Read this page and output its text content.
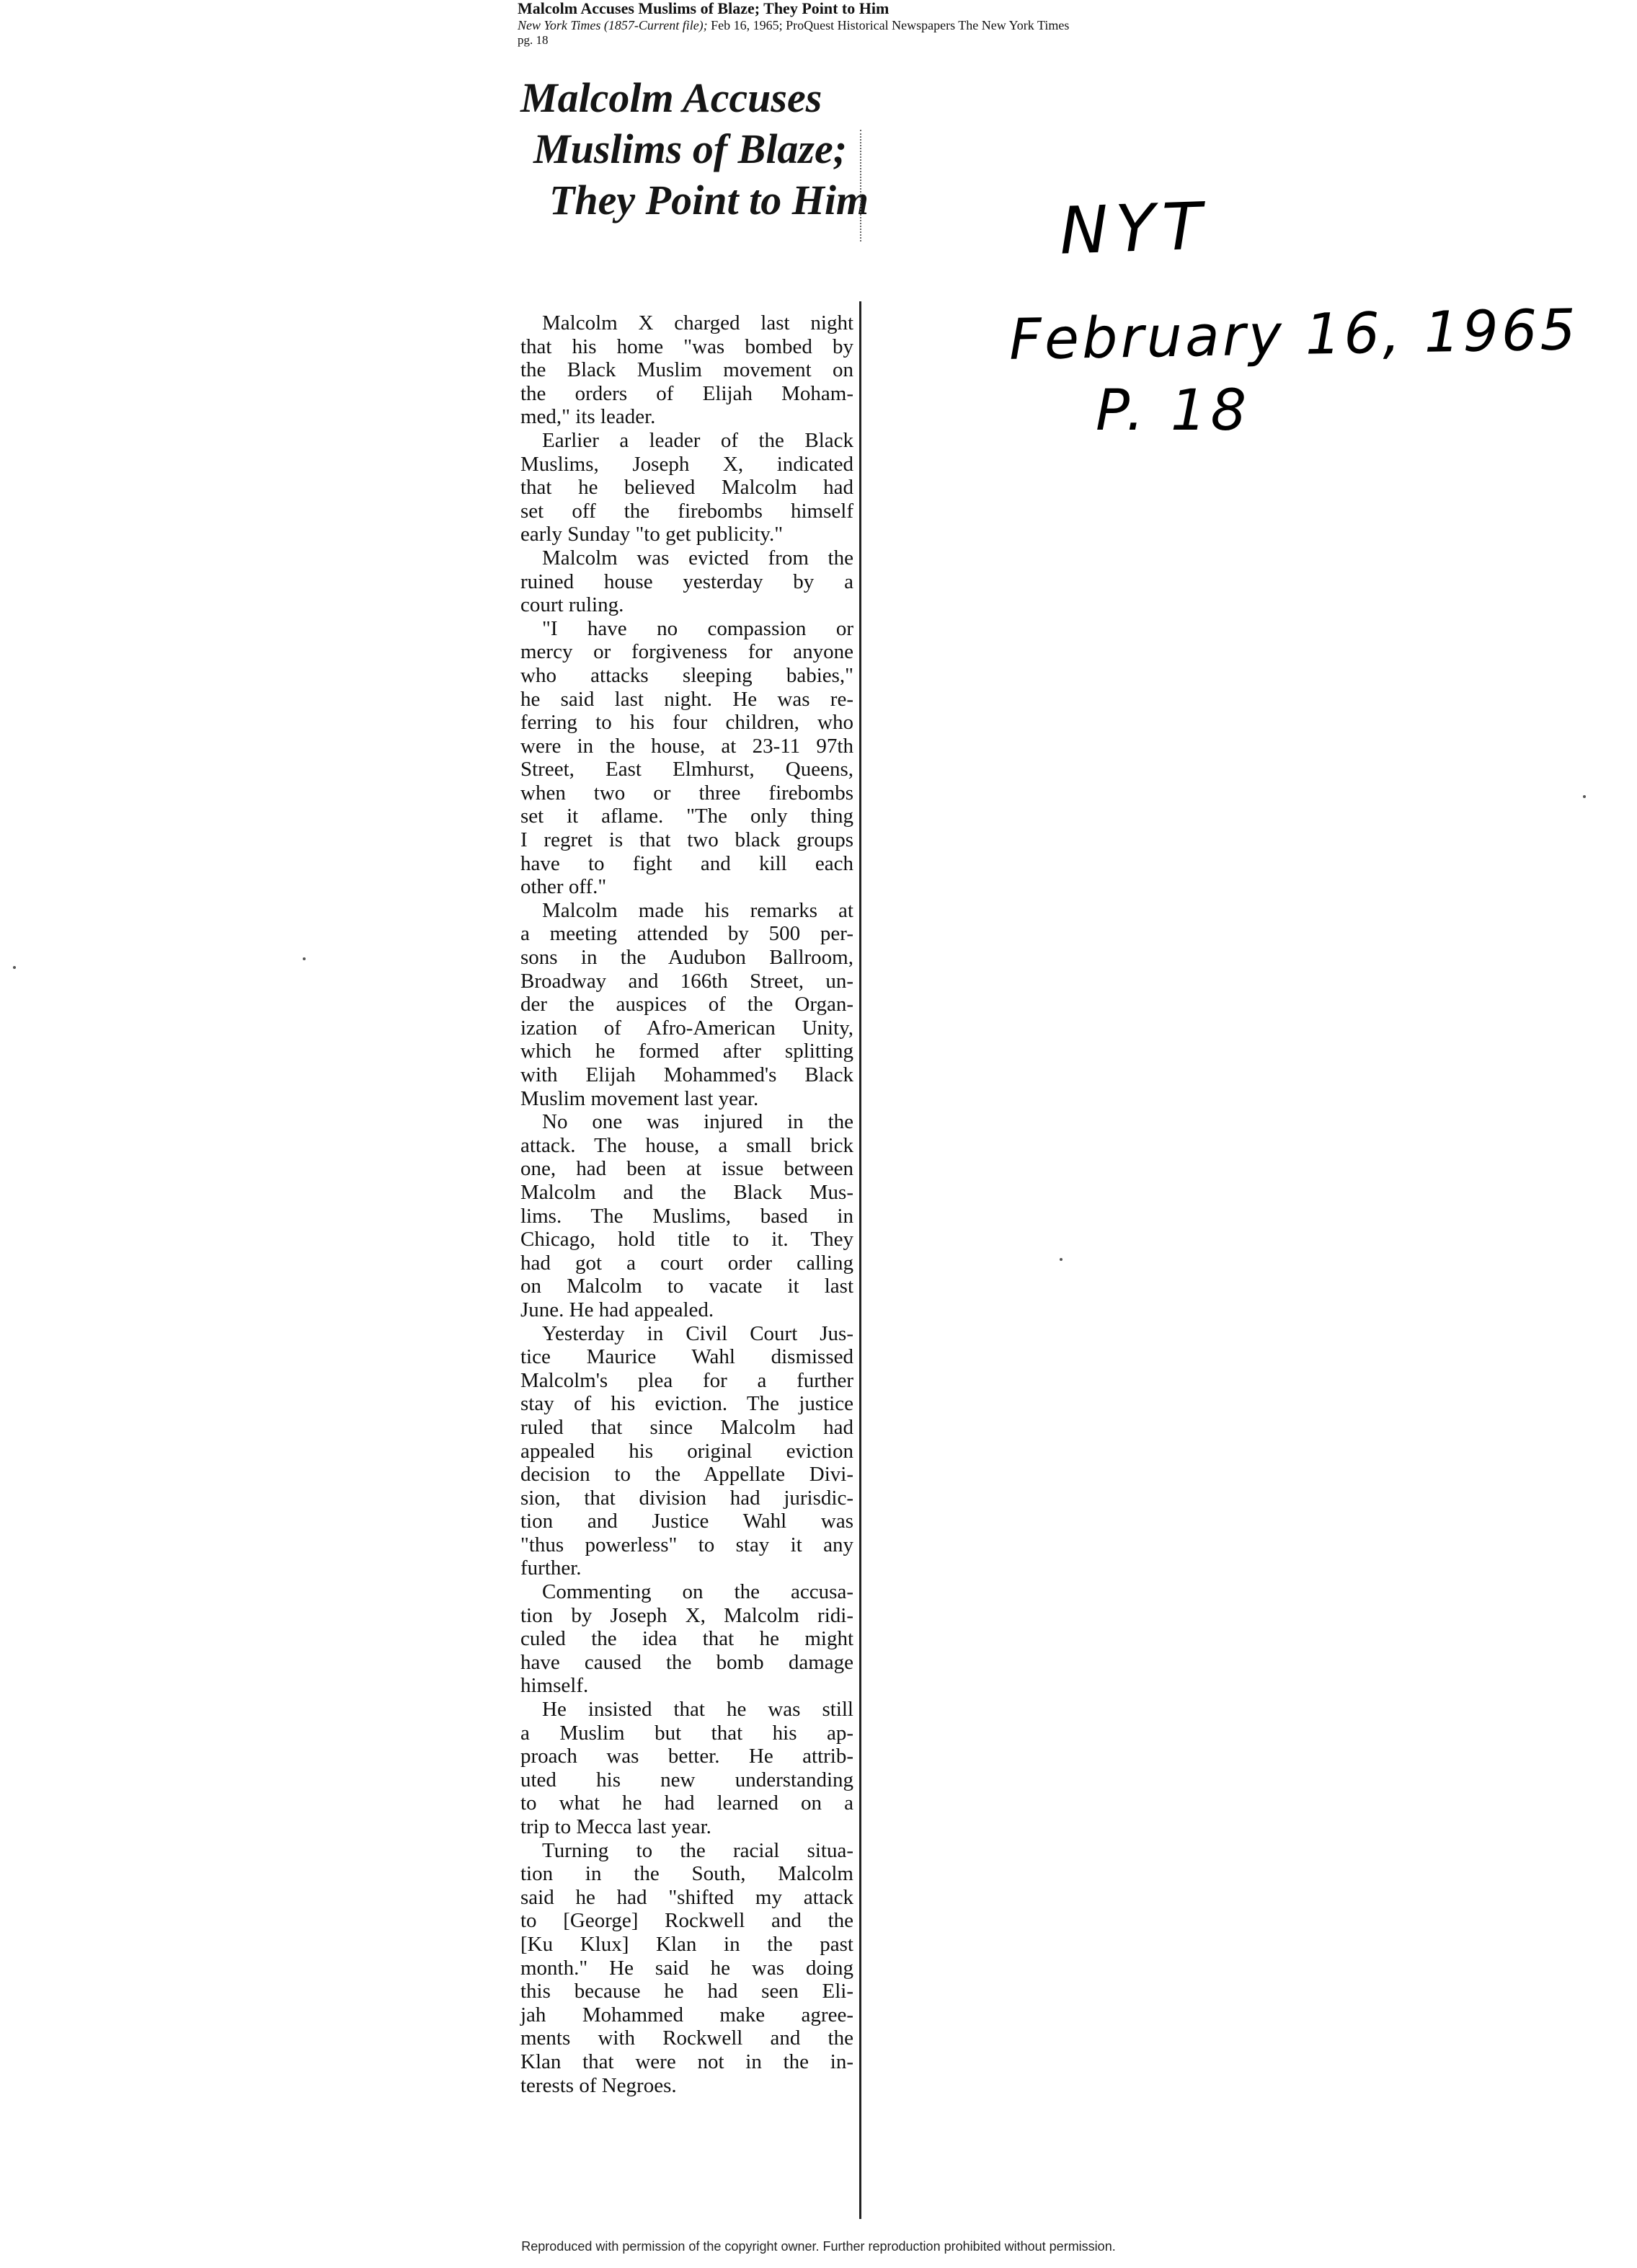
Malcolm Accuses Muslims of Blaze; They Point to Him

New York Times (1857-Current file); Feb 16, 1965; ProQuest Historical Newspapers The New York Times

pg. 18

Malcolm Accuses
Muslims of Blaze;
They Point to Him

Malcolm X charged last night
that his home "was bombed by
the Black Muslim movement on
the orders of Elijah Moham-
med," its leader.

Earlier a leader of the Black
Muslims, Joseph X, indicated
that he believed Malcolm had
set off the firebombs himself
early Sunday "to get publicity."

Malcolm was evicted from the
ruined house yesterday by a
court ruling.

"I have no compassion or
mercy or forgiveness for anyone
who attacks sleeping babies,"
he said last night. He was re-
ferring to his four children, who
were in the house, at 23-11 97th
Street, East Elmhurst, Queens,
when two or three firebombs
set it aflame. "The only thing
I regret is that two black groups
have to fight and kill each
other off."

Malcolm made his remarks at
a meeting attended by 500 per-
sons in the Audubon Ballroom,
Broadway and 166th Street, un-
der the auspices of the Organ-
ization of Afro-American Unity,
which he formed after splitting
with Elijah Mohammed's Black
Muslim movement last year.

No one was injured in the
attack. The house, a small brick
one, had been at issue between
Malcolm and the Black Mus-
lims. The Muslims, based in
Chicago, hold title to it. They
had got a court order calling
on Malcolm to vacate it last
June. He had appealed.

Yesterday in Civil Court Jus-
tice Maurice Wahl dismissed
Malcolm's plea for a further
stay of his eviction. The justice
ruled that since Malcolm had
appealed his original eviction
decision to the Appellate Divi-
sion, that division had jurisdic-
tion and Justice Wahl was
"thus powerless" to stay it any
further.

Commenting on the accusa-
tion by Joseph X, Malcolm ridi-
culed the idea that he might
have caused the bomb damage
himself.

He insisted that he was still
a Muslim but that his ap-
proach was better. He attrib-
uted his new understanding
to what he had learned on a
trip to Mecca last year.

Turning to the racial situa-
tion in the South, Malcolm
said he had "shifted my attack
to [George] Rockwell and the
[Ku Klux] Klan in the past
month." He said he was doing
this because he had seen Eli-
jah Mohammed make agree-
ments with Rockwell and the
Klan that were not in the in-
terests of Negroes.

NYT
February 16, 1965
P. 18
Reproduced with permission of the copyright owner. Further reproduction prohibited without permission.
